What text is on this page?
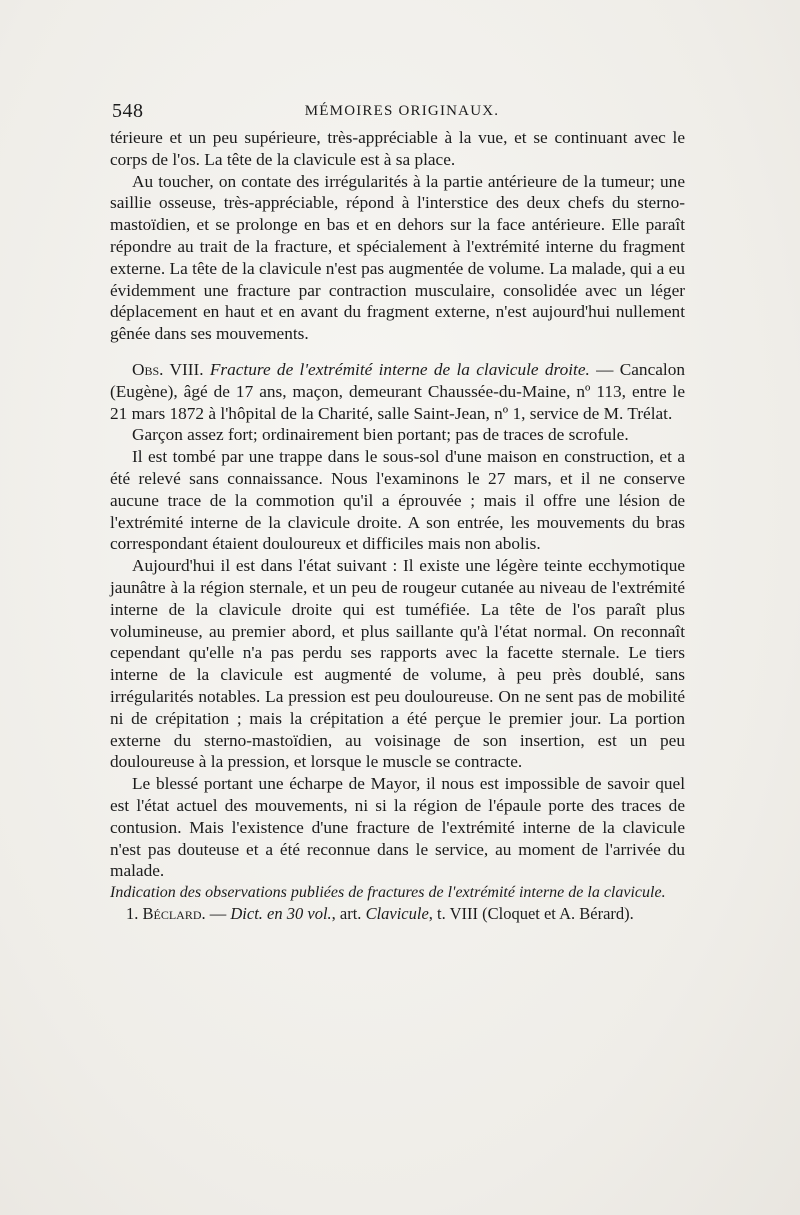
548	MÉMOIRES ORIGINAUX.

térieure et un peu supérieure, très-appréciable à la vue, et se continuant avec le corps de l'os. La tête de la clavicule est à sa place.

Au toucher, on contate des irrégularités à la partie antérieure de la tumeur; une saillie osseuse, très-appréciable, répond à l'interstice des deux chefs du sterno-mastoïdien, et se prolonge en bas et en dehors sur la face antérieure. Elle paraît répondre au trait de la fracture, et spécialement à l'extrémité interne du fragment externe. La tête de la clavicule n'est pas augmentée de volume. La malade, qui a eu évidemment une fracture par contraction musculaire, consolidée avec un léger déplacement en haut et en avant du fragment externe, n'est aujourd'hui nullement gênée dans ses mouvements.

Obs. VIII. Fracture de l'extrémité interne de la clavicule droite. — Cancalon (Eugène), âgé de 17 ans, maçon, demeurant Chaussée-du-Maine, nº 113, entre le 21 mars 1872 à l'hôpital de la Charité, salle Saint-Jean, nº 1, service de M. Trélat.

Garçon assez fort; ordinairement bien portant; pas de traces de scrofule.

Il est tombé par une trappe dans le sous-sol d'une maison en construction, et a été relevé sans connaissance. Nous l'examinons le 27 mars, et il ne conserve aucune trace de la commotion qu'il a éprouvée ; mais il offre une lésion de l'extrémité interne de la clavicule droite. A son entrée, les mouvements du bras correspondant étaient douloureux et difficiles mais non abolis.

Aujourd'hui il est dans l'état suivant : Il existe une légère teinte ecchymotique jaunâtre à la région sternale, et un peu de rougeur cutanée au niveau de l'extrémité interne de la clavicule droite qui est tuméfiée. La tête de l'os paraît plus volumineuse, au premier abord, et plus saillante qu'à l'état normal. On reconnaît cependant qu'elle n'a pas perdu ses rapports avec la facette sternale. Le tiers interne de la clavicule est augmenté de volume, à peu près doublé, sans irrégularités notables. La pression est peu douloureuse. On ne sent pas de mobilité ni de crépitation ; mais la crépitation a été perçue le premier jour. La portion externe du sterno-mastoïdien, au voisinage de son insertion, est un peu douloureuse à la pression, et lorsque le muscle se contracte.

Le blessé portant une écharpe de Mayor, il nous est impossible de savoir quel est l'état actuel des mouvements, ni si la région de l'épaule porte des traces de contusion. Mais l'existence d'une fracture de l'extrémité interne de la clavicule n'est pas douteuse et a été reconnue dans le service, au moment de l'arrivée du malade.

Indication des observations publiées de fractures de l'extrémité interne de la clavicule.

1. Béclard. — Dict. en 30 vol., art. Clavicule, t. VIII (Cloquet et A. Bérard).
